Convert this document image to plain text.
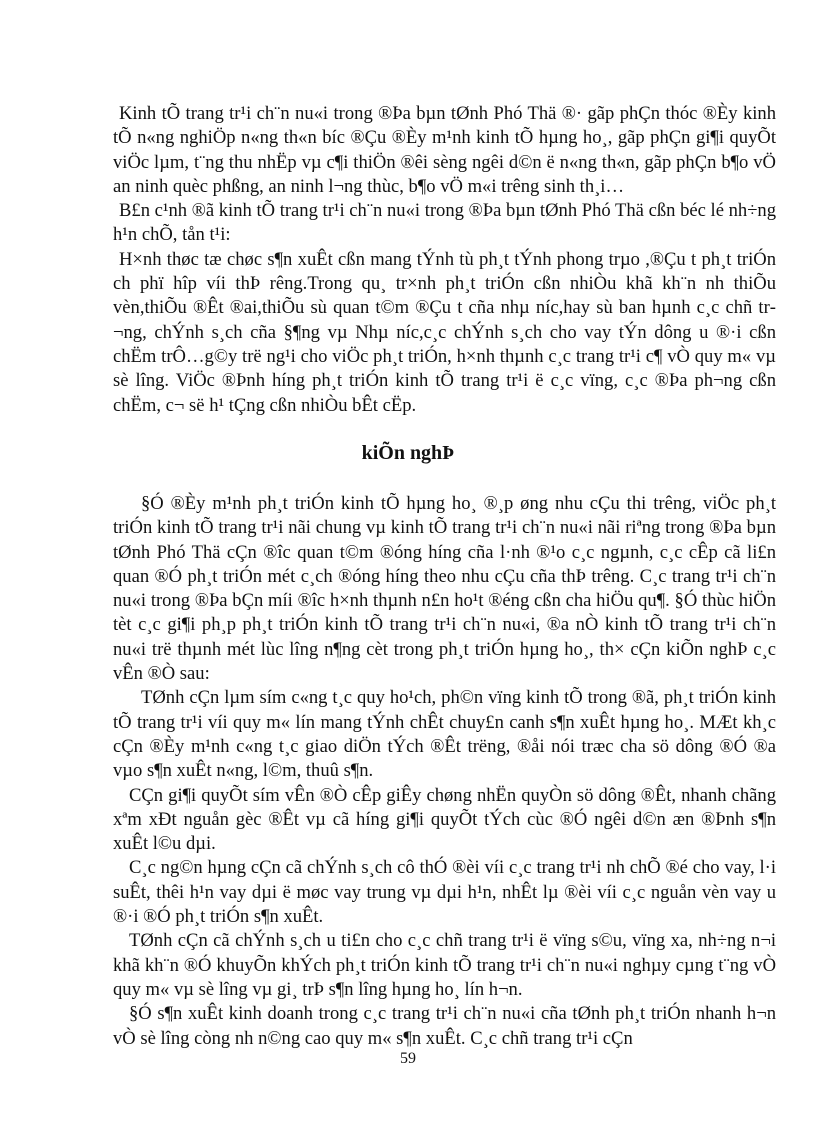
Kinh tÕ trang tr¹i ch¨n nu«i trong ®Þa bµn tØnh Phó Thä ®· gãp phÇn thóc ®Èy kinh tÕ n«ng nghiÖp n«ng th«n bíc ®Çu ®Èy m¹nh kinh tÕ hµng ho¸, gãp phÇn gi¶i quyÕt viÖc lµm, t¨ng thu nhËp vµ c¶i thiÖn ®êi sèng ngêi d©n ë n«ng th«n, gãp phÇn b¶o vÖ an ninh quèc phßng, an ninh l¬ng thùc, b¶o vÖ m«i trêng sinh th¸i…

B£n c¹nh ®ã kinh tÕ trang tr¹i ch¨n nu«i trong ®Þa bµn tØnh Phó Thä cßn béc lé nh÷ng h¹n chÕ, tån t¹i:

H×nh thøc tæ chøc s¶n xuÊt cßn mang tÝnh tù ph¸t tÝnh phong trµo ,®Çu t ph¸t triÓn ch phï hîp víi thÞ rêng.Trong qu¸ tr×nh ph¸t triÓn cßn nhiÒu khã kh¨n nh thiÕu vèn,thiÕu ®Êt ®ai,thiÕu sù quan t©m ®Çu t cña nhµ níc,hay sù ban hµnh c¸c chñ tr¬ng, chÝnh s¸ch cña §¶ng vµ Nhµ níc,c¸c chÝnh s¸ch cho vay tÝn dông u ®·i cßn chËm trÔ…g©y trë ng¹i cho viÖc ph¸t triÓn, h×nh thµnh c¸c trang tr¹i c¶ vÒ quy m« vµ sè lîng. ViÖc ®Þnh híng ph¸t triÓn kinh tÕ trang tr¹i ë c¸c vïng, c¸c ®Þa ph¬ng cßn chËm, c¬ së h¹ tÇng cßn nhiÒu bÊt cËp.

kiÕn nghÞ

§Ó ®Èy m¹nh ph¸t triÓn kinh tÕ hµng ho¸ ®¸p øng nhu cÇu thi trêng, viÖc ph¸t triÓn kinh tÕ trang tr¹i nãi chung vµ kinh tÕ trang tr¹i ch¨n nu«i nãi riªng trong ®Þa bµn tØnh Phó Thä cÇn ®îc quan t©m ®óng híng cña l·nh ®¹o c¸c ngµnh, c¸c cÊp cã li£n quan ®Ó ph¸t triÓn mét c¸ch ®óng híng theo nhu cÇu cña thÞ trêng. C¸c trang tr¹i ch¨n nu«i trong ®Þa bÇn míi ®îc h×nh thµnh n£n ho¹t ®éng cßn cha hiÖu qu¶. §Ó thùc hiÖn tèt c¸c gi¶i ph¸p ph¸t triÓn kinh tÕ trang tr¹i ch¨n nu«i, ®a nÒ kinh tÕ trang tr¹i ch¨n nu«i trë thµnh mét lùc lîng n¶ng cèt trong ph¸t triÓn hµng ho¸, th× cÇn kiÕn nghÞ c¸c vÊn ®Ò sau:

TØnh cÇn lµm sím c«ng t¸c quy ho¹ch, ph©n vïng kinh tÕ trong ®ã, ph¸t triÓn kinh tÕ trang tr¹i víi quy m« lín mang tÝnh chÊt chuy£n canh s¶n xuÊt hµng ho¸. MÆt kh¸c cÇn ®Èy m¹nh c«ng t¸c giao diÖn tÝch ®Êt trëng, ®åi nói træc cha sö dông ®Ó ®a vµo s¶n xuÊt n«ng, l©m, thuû s¶n.

CÇn gi¶i quyÕt sím vÊn ®Ò cÊp giÊy chøng nhËn quyÒn sö dông ®Êt, nhanh chãng xªm xÐt nguån gèc ®Êt vµ cã híng gi¶i quyÕt tÝch cùc ®Ó ngêi d©n æn ®Þnh s¶n xuÊt l©u dµi.

C¸c ng©n hµng cÇn cã chÝnh s¸ch cô thÓ ®èi víi c¸c trang tr¹i nh chÕ ®é cho vay, l·i suÊt, thêi h¹n vay dµi ë møc vay trung vµ dµi h¹n, nhÊt lµ ®èi víi c¸c nguån vèn vay u ®·i ®Ó ph¸t triÓn s¶n xuÊt.

TØnh cÇn cã chÝnh s¸ch u ti£n cho c¸c chñ trang tr¹i ë vïng s©u, vïng xa, nh÷ng n¬i khã kh¨n ®Ó khuyÕn khÝch ph¸t triÓn kinh tÕ trang tr¹i ch¨n nu«i nghµy cµng t¨ng vÒ quy m« vµ sè lîng vµ gi¸ trÞ s¶n lîng hµng ho¸ lín h¬n.

§Ó s¶n xuÊt kinh doanh trong c¸c trang tr¹i ch¨n nu«i cña tØnh ph¸t triÓn nhanh h¬n vÒ sè lîng còng nh n©ng cao quy m« s¶n xuÊt. C¸c chñ trang tr¹i cÇn

59
